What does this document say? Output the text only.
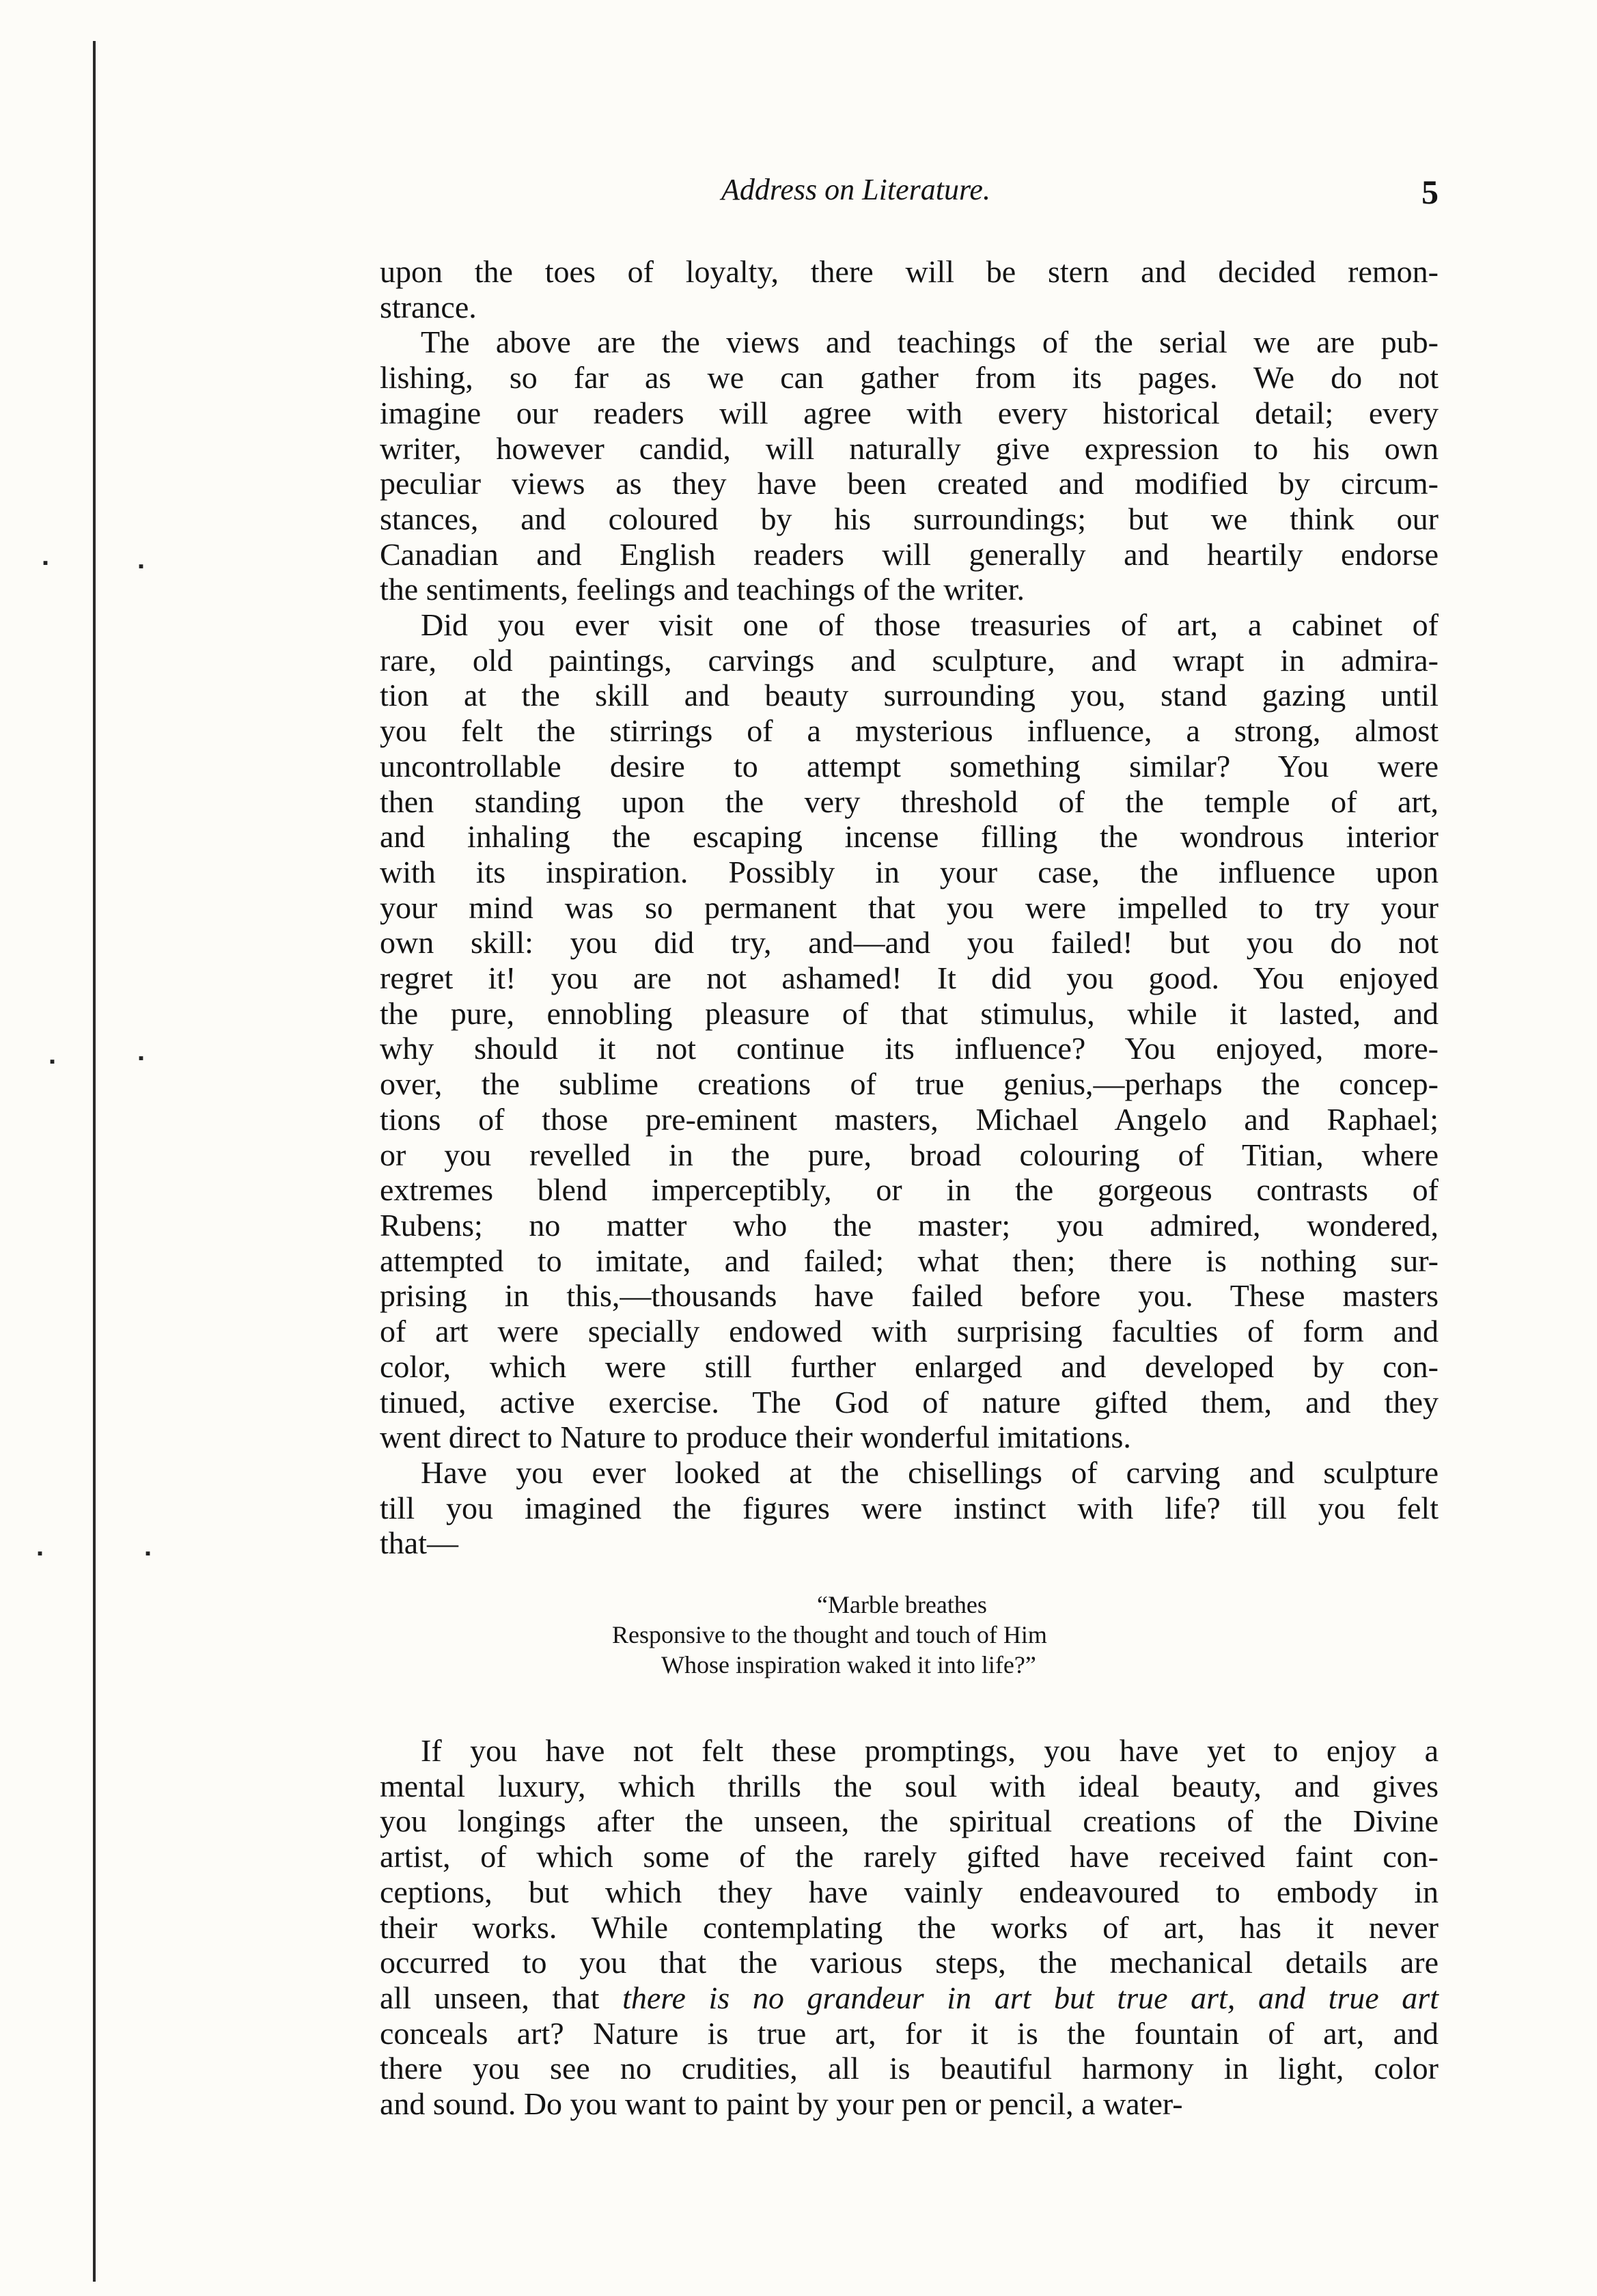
ᐧ	ᐧ
ᐧ	ᐧ
ᐧ	ᐧ
Address on Literature.	5

upon the toes of loyalty, there will be stern and decided remon-

strance.

The above are the views and teachings of the serial we are pub-

lishing, so far as we can gather from its pages. We do not

imagine our readers will agree with every historical detail; every

writer, however candid, will naturally give expression to his own

peculiar views as they have been created and modified by circum-

stances, and coloured by his surroundings; but we think our

Canadian and English readers will generally and heartily endorse

the sentiments, feelings and teachings of the writer.

Did you ever visit one of those treasuries of art, a cabinet of

rare, old paintings, carvings and sculpture, and wrapt in admira-

tion at the skill and beauty surrounding you, stand gazing until

you felt the stirrings of a mysterious influence, a strong, almost

uncontrollable desire to attempt something similar? You were

then standing upon the very threshold of the temple of art,

and inhaling the escaping incense filling the wondrous interior

with its inspiration. Possibly in your case, the influence upon

your mind was so permanent that you were impelled to try your

own skill: you did try, and—and you failed! but you do not

regret it! you are not ashamed! It did you good. You enjoyed

the pure, ennobling pleasure of that stimulus, while it lasted, and

why should it not continue its influence? You enjoyed, more-

over, the sublime creations of true genius,—perhaps the concep-

tions of those pre-eminent masters, Michael Angelo and Raphael;

or you revelled in the pure, broad colouring of Titian, where

extremes blend imperceptibly, or in the gorgeous contrasts of

Rubens; no matter who the master; you admired, wondered,

attempted to imitate, and failed; what then; there is nothing sur-

prising in this,—thousands have failed before you. These masters

of art were specially endowed with surprising faculties of form and

color, which were still further enlarged and developed by con-

tinued, active exercise. The God of nature gifted them, and they

went direct to Nature to produce their wonderful imitations.

Have you ever looked at the chisellings of carving and sculpture

till you imagined the figures were instinct with life? till you felt

that—

“Marble breathes
Responsive to the thought and touch of Him
Whose inspiration waked it into life?”

If you have not felt these promptings, you have yet to enjoy a

mental luxury, which thrills the soul with ideal beauty, and gives

you longings after the unseen, the spiritual creations of the Divine

artist, of which some of the rarely gifted have received faint con-

ceptions, but which they have vainly endeavoured to embody in

their works. While contemplating the works of art, has it never

occurred to you that the various steps, the mechanical details are

all unseen, that there is no grandeur in art but true art, and true art

conceals art? Nature is true art, for it is the fountain of art, and

there you see no crudities, all is beautiful harmony in light, color

and sound. Do you want to paint by your pen or pencil, a water-
